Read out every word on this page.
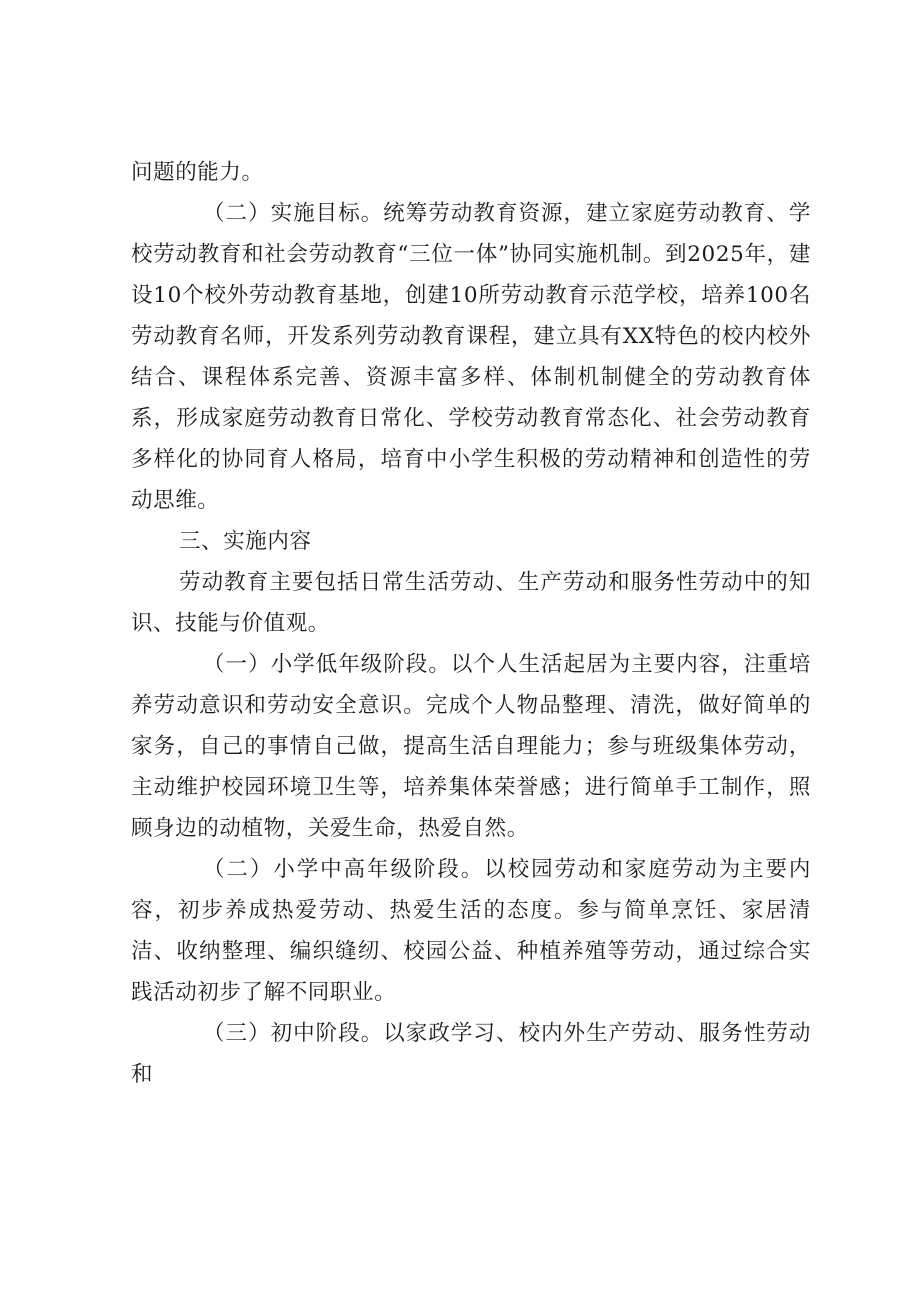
问题的能力。

（二）实施目标。统筹劳动教育资源，建立家庭劳动教育、学校劳动教育和社会劳动教育“三位一体”协同实施机制。到2025年，建设10个校外劳动教育基地，创建10所劳动教育示范学校，培养100名劳动教育名师，开发系列劳动教育课程，建立具有XX特色的校内校外结合、课程体系完善、资源丰富多样、体制机制健全的劳动教育体系，形成家庭劳动教育日常化、学校劳动教育常态化、社会劳动教育多样化的协同育人格局，培育中小学生积极的劳动精神和创造性的劳动思维。

三、实施内容

劳动教育主要包括日常生活劳动、生产劳动和服务性劳动中的知识、技能与价值观。

（一）小学低年级阶段。以个人生活起居为主要内容，注重培养劳动意识和劳动安全意识。完成个人物品整理、清洗，做好简单的家务，自己的事情自己做，提高生活自理能力；参与班级集体劳动，主动维护校园环境卫生等，培养集体荣誉感；进行简单手工制作，照顾身边的动植物，关爱生命，热爱自然。

（二）小学中高年级阶段。以校园劳动和家庭劳动为主要内容，初步养成热爱劳动、热爱生活的态度。参与简单烹饪、家居清洁、收纳整理、编织缝纫、校园公益、种植养殖等劳动，通过综合实践活动初步了解不同职业。

（三）初中阶段。以家政学习、校内外生产劳动、服务性劳动和
